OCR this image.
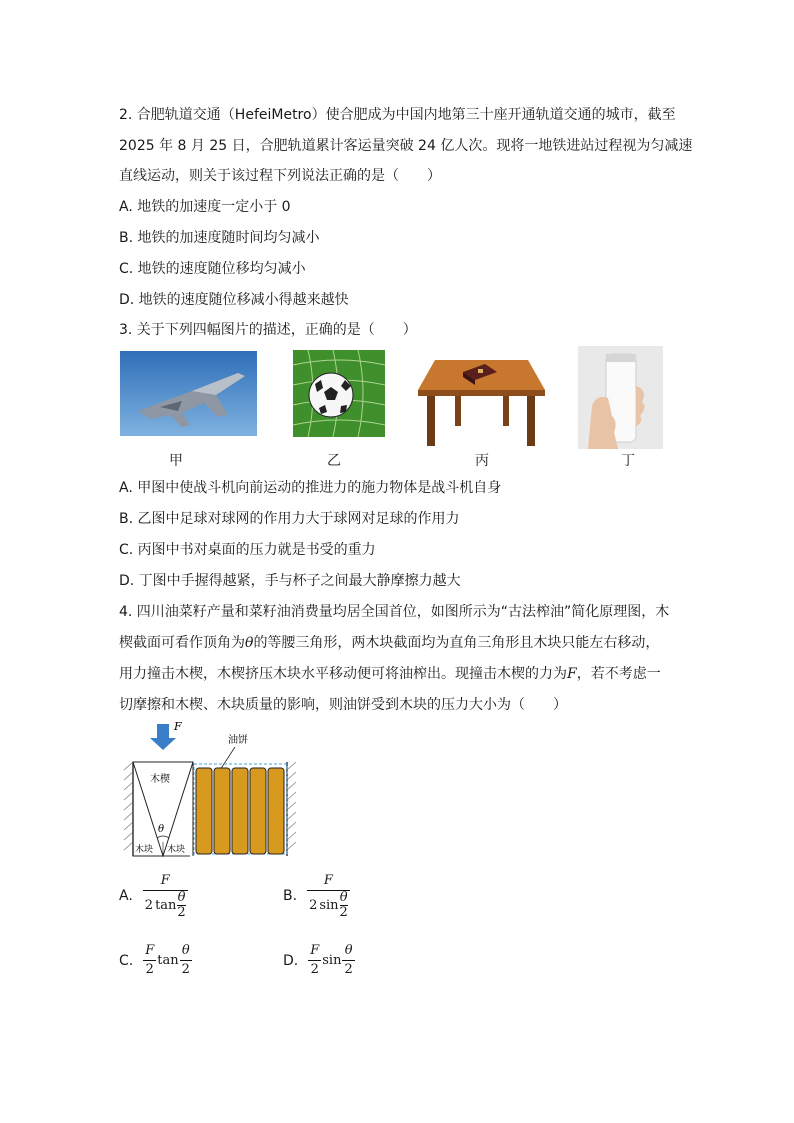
2. 合肥轨道交通（HefeiMetro）使合肥成为中国内地第三十座开通轨道交通的城市，截至
2025 年 8 月 25 日，合肥轨道累计客运量突破 24 亿人次。现将一地铁进站过程视为匀减速
直线运动，则关于该过程下列说法正确的是（　　）
A. 地铁的加速度一定小于 0
B. 地铁的加速度随时间均匀减小
C. 地铁的速度随位移均匀减小
D. 地铁的速度随位移减小得越来越快
3. 关于下列四幅图片的描述，正确的是（　　）
甲	乙	丙	丁
A. 甲图中使战斗机向前运动的推进力的施力物体是战斗机自身
B. 乙图中足球对球网的作用力大于球网对足球的作用力
C. 丙图中书对桌面的压力就是书受的重力
D. 丁图中手握得越紧，手与杯子之间最大静摩擦力越大
4. 四川油菜籽产量和菜籽油消费量均居全国首位，如图所示为“古法榨油”简化原理图，木
楔截面可看作顶角为θ的等腰三角形，两木块截面均为直角三角形且木块只能左右移动，
用力撞击木楔，木楔挤压木块水平移动便可将油榨出。现撞击木楔的力为F，若不考虑一
切摩擦和木楔、木块质量的影响，则油饼受到木块的压力大小为（　　）
F
油饼
木楔
θ
木块 木块
A. F
2 tan θ
2	B. F
2 sin θ
2
C. $\frac{F}{2}$ $\tan \frac{\theta}{2}$	D. $\frac{F}{2}$ $\sin \frac{\theta}{2}$
